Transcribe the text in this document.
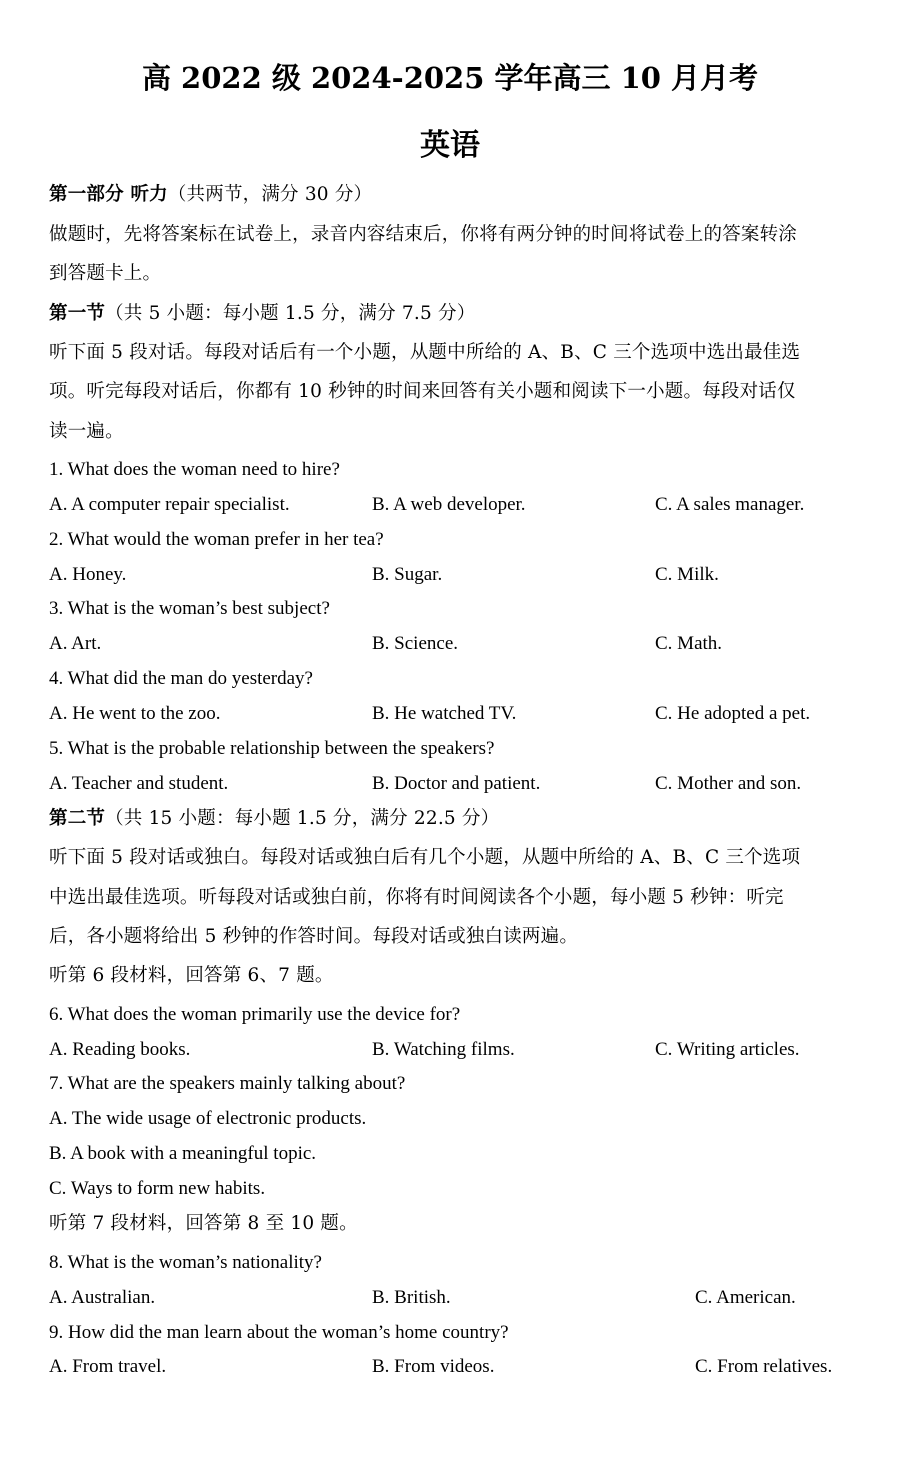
高 2022 级 2024-2025 学年高三 10 月月考
英语
第一部分 听力（共两节，满分 30 分）
做题时，先将答案标在试卷上，录音内容结束后，你将有两分钟的时间将试卷上的答案转涂
到答题卡上。
第一节（共 5 小题：每小题 1.5 分，满分 7.5 分）
听下面 5 段对话。每段对话后有一个小题，从题中所给的 A、B、C 三个选项中选出最佳选
项。听完每段对话后，你都有 10 秒钟的时间来回答有关小题和阅读下一小题。每段对话仅
读一遍。
1. What does the woman need to hire?
A. A computer repair specialist.	B. A web developer.	C. A sales manager.
2. What would the woman prefer in her tea?
A. Honey.	B. Sugar.	C. Milk.
3. What is the woman’s best subject?
A. Art.	B. Science.	C. Math.
4. What did the man do yesterday?
A. He went to the zoo.	B. He watched TV.	C. He adopted a pet.
5. What is the probable relationship between the speakers?
A. Teacher and student.	B. Doctor and patient.	C. Mother and son.
第二节（共 15 小题：每小题 1.5 分，满分 22.5 分）
听下面 5 段对话或独白。每段对话或独白后有几个小题，从题中所给的 A、B、C 三个选项
中选出最佳选项。听每段对话或独白前，你将有时间阅读各个小题，每小题 5 秒钟：听完
后，各小题将给出 5 秒钟的作答时间。每段对话或独白读两遍。
听第 6 段材料，回答第 6、7 题。
6. What does the woman primarily use the device for?
A. Reading books.	B. Watching films.	C. Writing articles.
7. What are the speakers mainly talking about?
A. The wide usage of electronic products.
B. A book with a meaningful topic.
C. Ways to form new habits.
听第 7 段材料，回答第 8 至 10 题。
8. What is the woman’s nationality?
A. Australian.	B. British.	C. American.
9. How did the man learn about the woman’s home country?
A. From travel.	B. From videos.	C. From relatives.
